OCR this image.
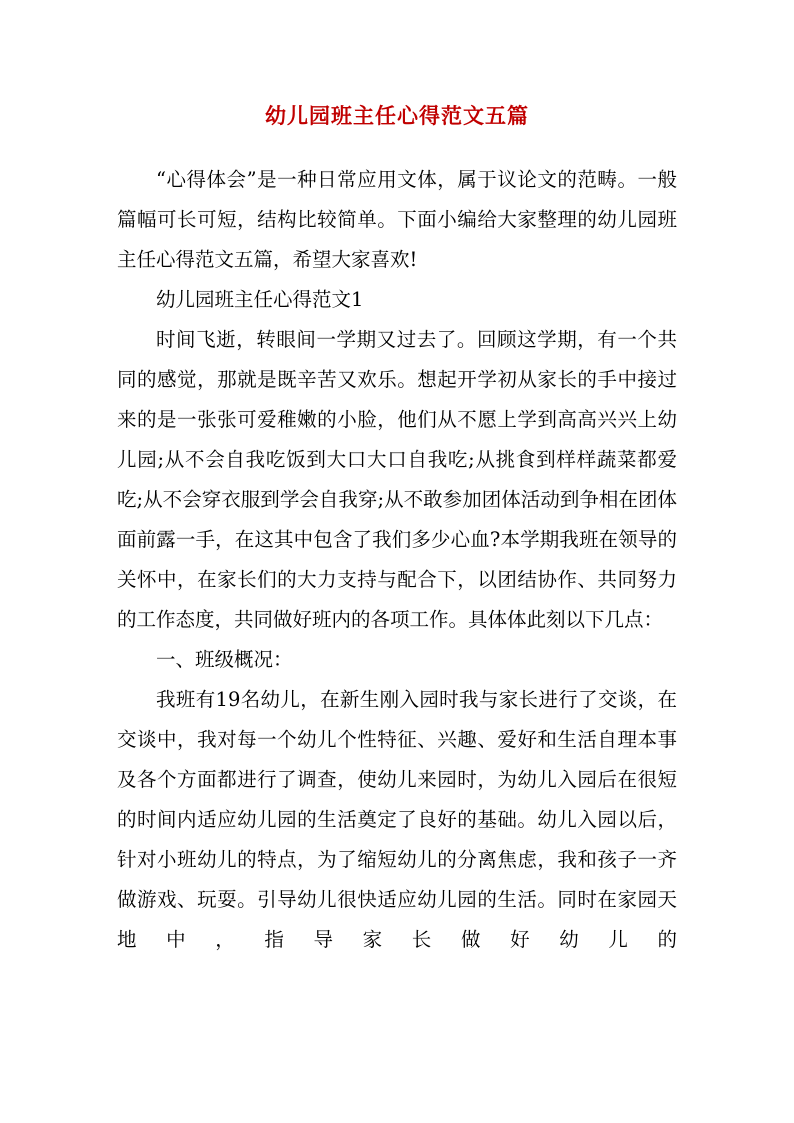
幼儿园班主任心得范文五篇

“心得体会”是一种日常应用文体，属于议论文的范畴。一般篇幅可长可短，结构比较简单。下面小编给大家整理的幼儿园班主任心得范文五篇，希望大家喜欢!

幼儿园班主任心得范文1

时间飞逝，转眼间一学期又过去了。回顾这学期，有一个共同的感觉，那就是既辛苦又欢乐。想起开学初从家长的手中接过来的是一张张可爱稚嫩的小脸，他们从不愿上学到高高兴兴上幼儿园;从不会自我吃饭到大口大口自我吃;从挑食到样样蔬菜都爱吃;从不会穿衣服到学会自我穿;从不敢参加团体活动到争相在团体面前露一手，在这其中包含了我们多少心血?本学期我班在领导的关怀中，在家长们的大力支持与配合下，以团结协作、共同努力的工作态度，共同做好班内的各项工作。具体体此刻以下几点：

一、班级概况：

我班有19名幼儿，在新生刚入园时我与家长进行了交谈，在交谈中，我对每一个幼儿个性特征、兴趣、爱好和生活自理本事及各个方面都进行了调查，使幼儿来园时，为幼儿入园后在很短的时间内适应幼儿园的生活奠定了良好的基础。幼儿入园以后，针对小班幼儿的特点，为了缩短幼儿的分离焦虑，我和孩子一齐做游戏、玩耍。引导幼儿很快适应幼儿园的生活。同时在家园天地中，指导家长做好幼儿的
